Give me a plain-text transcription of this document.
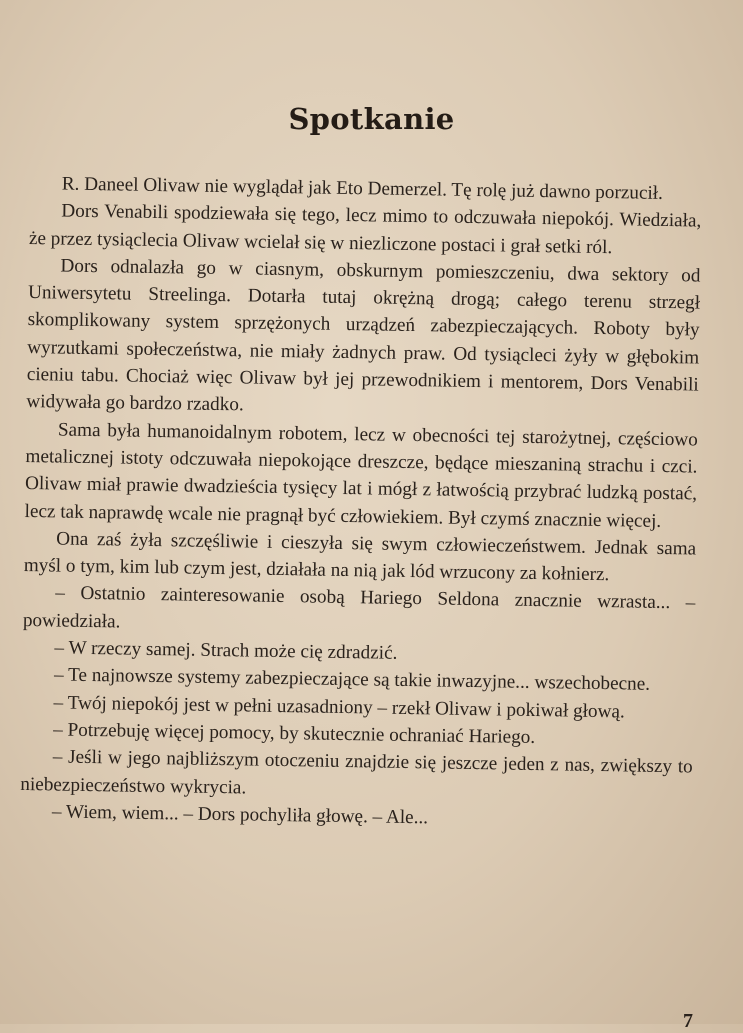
Spotkanie

R. Daneel Olivaw nie wyglądał jak Eto Demerzel. Tę rolę już dawno porzucił.

Dors Venabili spodziewała się tego, lecz mimo to odczuwała niepokój. Wiedziała, że przez tysiąclecia Olivaw wcielał się w niezliczone postaci i grał setki ról.

Dors odnalazła go w ciasnym, obskurnym pomieszczeniu, dwa sektory od Uniwersytetu Streelinga. Dotarła tutaj okrężną drogą; całego terenu strzegł skomplikowany system sprzężonych urządzeń zabezpieczających. Roboty były wyrzutkami społeczeństwa, nie miały żadnych praw. Od tysiącleci żyły w głębokim cieniu tabu. Chociaż więc Olivaw był jej przewodnikiem i mentorem, Dors Venabili widywała go bardzo rzadko.

Sama była humanoidalnym robotem, lecz w obecności tej starożytnej, częściowo metalicznej istoty odczuwała niepokojące dreszcze, będące mieszaniną strachu i czci. Olivaw miał prawie dwadzieścia tysięcy lat i mógł z łatwością przybrać ludzką postać, lecz tak naprawdę wcale nie pragnął być człowiekiem. Był czymś znacznie więcej.

Ona zaś żyła szczęśliwie i cieszyła się swym człowieczeństwem. Jednak sama myśl o tym, kim lub czym jest, działała na nią jak lód wrzucony za kołnierz.

– Ostatnio zainteresowanie osobą Hariego Seldona znacznie wzrasta... – powiedziała.

– W rzeczy samej. Strach może cię zdradzić.

– Te najnowsze systemy zabezpieczające są takie inwazyjne... wszechobecne.

– Twój niepokój jest w pełni uzasadniony – rzekł Olivaw i pokiwał głową.

– Potrzebuję więcej pomocy, by skutecznie ochraniać Hariego.

– Jeśli w jego najbliższym otoczeniu znajdzie się jeszcze jeden z nas, zwiększy to niebezpieczeństwo wykrycia.

– Wiem, wiem... – Dors pochyliła głowę. – Ale...

7
